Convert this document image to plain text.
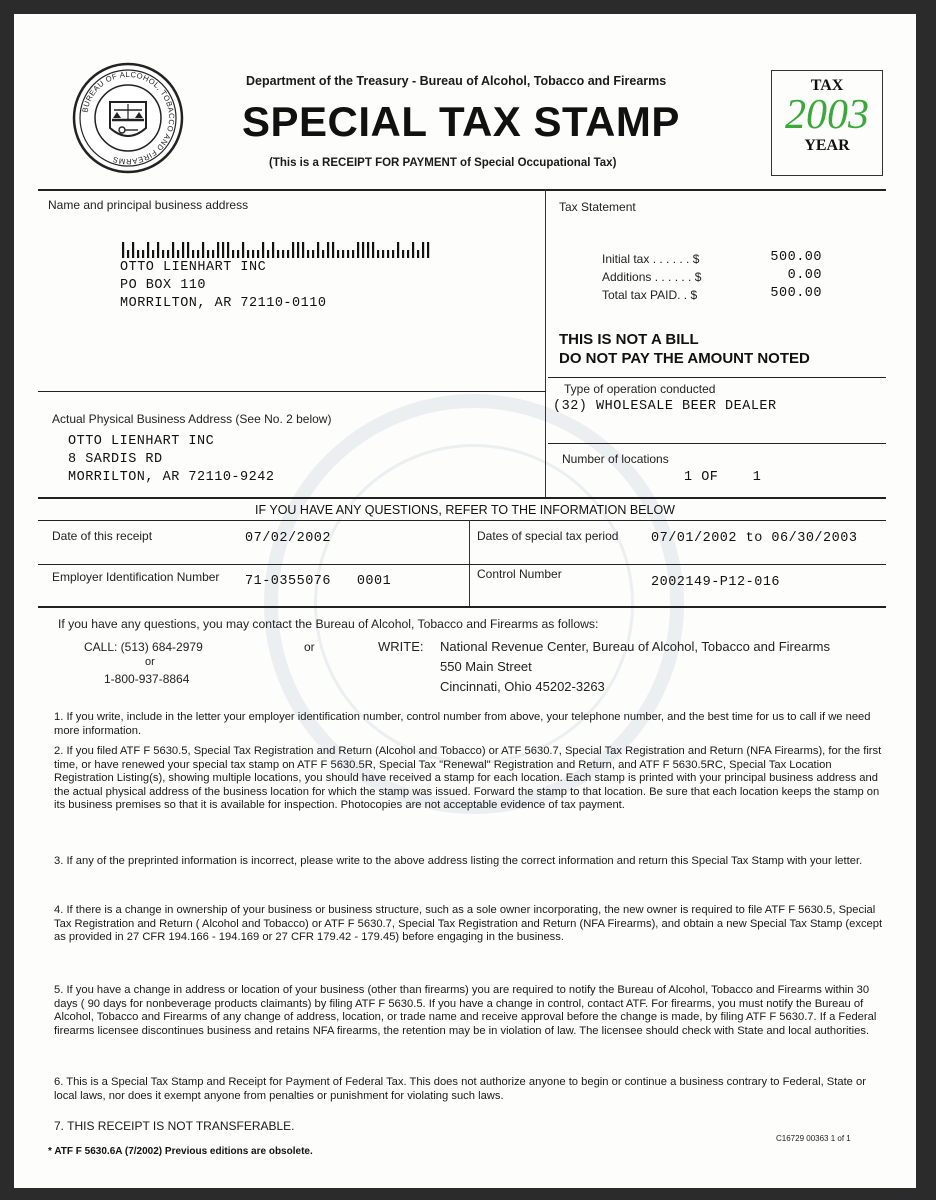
BUREAU OF ALCOHOL, TOBACCO AND FIREARMS
Department of the Treasury - Bureau of Alcohol, Tobacco and Firearms
SPECIAL TAX STAMP
(This is a RECEIPT FOR PAYMENT of Special Occupational Tax)
TAX
2003
YEAR
Name and principal business address
OTTO LIENHART INC
PO BOX 110
MORRILTON, AR 72110-0110
Tax Statement
Initial tax . . . . . . $	500.00
Additions . . . . . . $	0.00
Total tax PAID. . $	500.00
THIS IS NOT A BILL
DO NOT PAY THE AMOUNT NOTED
Type of operation conducted
(32) WHOLESALE BEER DEALER
Actual Physical Business Address (See No. 2 below)
OTTO LIENHART INC
8 SARDIS RD
MORRILTON, AR 72110-9242
Number of locations
1 OF    1
IF YOU HAVE ANY QUESTIONS, REFER TO THE INFORMATION BELOW
Date of this receipt	07/02/2002	Dates of special tax period 07/01/2002 to 06/30/2003
Employer Identification Number 71-0355076   0001	Control Number
2002149-P12-016
If you have any questions, you may contact the Bureau of Alcohol, Tobacco and Firearms as follows:
CALL: (513) 684-2979
or
1-800-937-8864
or	WRITE: National Revenue Center, Bureau of Alcohol, Tobacco and Firearms
550 Main Street
Cincinnati, Ohio 45202-3263
1. If you write, include in the letter your employer identification number, control number from above, your telephone number, and the best time for us to call if we need more information.
2. If you filed ATF F 5630.5, Special Tax Registration and Return (Alcohol and Tobacco) or ATF 5630.7, Special Tax Registration and Return (NFA Firearms), for the first time, or have renewed your special tax stamp on ATF F 5630.5R, Special Tax "Renewal" Registration and Return, and ATF F 5630.5RC, Special Tax Location Registration Listing(s), showing multiple locations, you should have received a stamp for each location. Each stamp is printed with your principal business address and the actual physical address of the business location for which the stamp was issued. Forward the stamp to that location. Be sure that each location keeps the stamp on its business premises so that it is available for inspection. Photocopies are not acceptable evidence of tax payment.
3. If any of the preprinted information is incorrect, please write to the above address listing the correct information and return this Special Tax Stamp with your letter.
4. If there is a change in ownership of your business or business structure, such as a sole owner incorporating, the new owner is required to file ATF F 5630.5, Special Tax Registration and Return ( Alcohol and Tobacco) or ATF F 5630.7, Special Tax Registration and Return (NFA Firearms), and obtain a new Special Tax Stamp (except as provided in 27 CFR 194.166 - 194.169 or 27 CFR 179.42 - 179.45) before engaging in the business.
5. If you have a change in address or location of your business (other than firearms) you are required to notify the Bureau of Alcohol, Tobacco and Firearms within 30 days ( 90 days for nonbeverage products claimants) by filing ATF F 5630.5. If you have a change in control, contact ATF. For firearms, you must notify the Bureau of Alcohol, Tobacco and Firearms of any change of address, location, or trade name and receive approval before the change is made, by filing ATF F 5630.7. If a Federal firearms licensee discontinues business and retains NFA firearms, the retention may be in violation of law. The licensee should check with State and local authorities.
6. This is a Special Tax Stamp and Receipt for Payment of Federal Tax. This does not authorize anyone to begin or continue a business contrary to Federal, State or local laws, nor does it exempt anyone from penalties or punishment for violating such laws.
7. THIS RECEIPT IS NOT TRANSFERABLE.
* ATF F 5630.6A (7/2002) Previous editions are obsolete.
C16729 00363 1 of 1
